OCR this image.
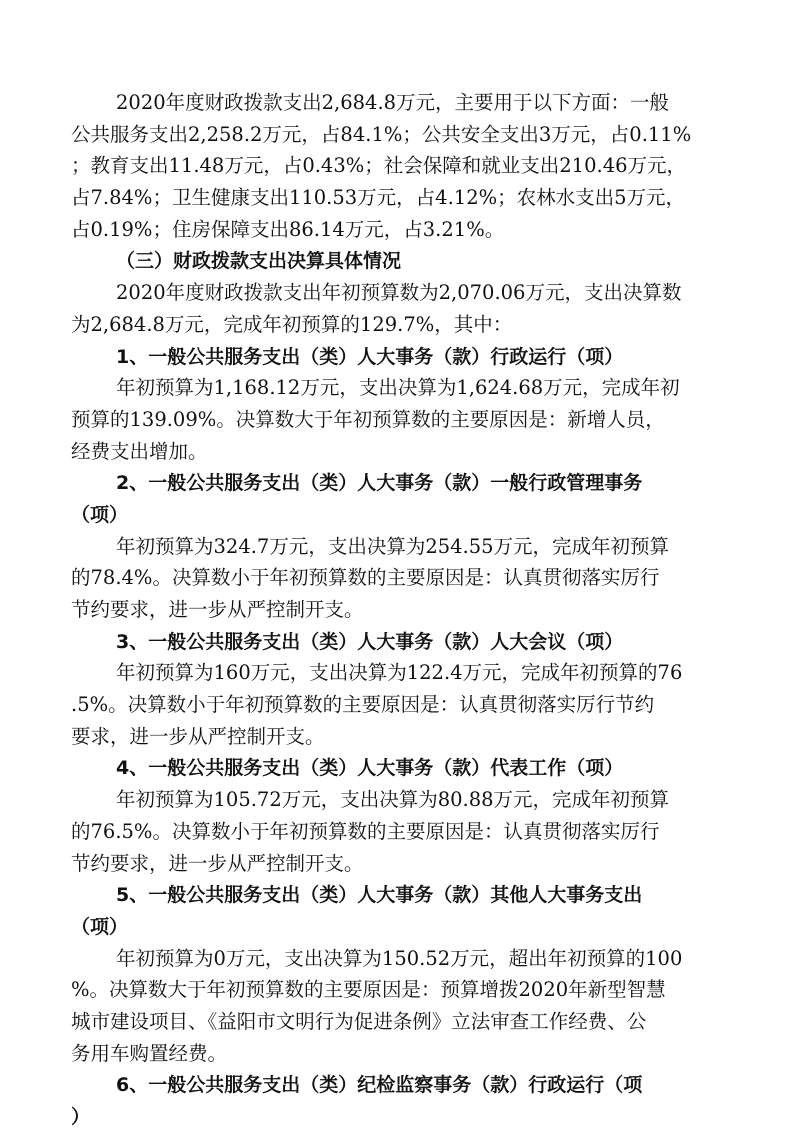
2020年度财政拨款支出2,684.8万元，主要用于以下方面：一般
公共服务支出2,258.2万元，占84.1%；公共安全支出3万元，占0.11%
；教育支出11.48万元，占0.43%；社会保障和就业支出210.46万元，
占7.84%；卫生健康支出110.53万元，占4.12%；农林水支出5万元，
占0.19%；住房保障支出86.14万元，占3.21%。
（三）财政拨款支出决算具体情况
2020年度财政拨款支出年初预算数为2,070.06万元，支出决算数
为2,684.8万元，完成年初预算的129.7%，其中：
1、一般公共服务支出（类）人大事务（款）行政运行（项）
年初预算为1,168.12万元，支出决算为1,624.68万元，完成年初
预算的139.09%。决算数大于年初预算数的主要原因是：新增人员，
经费支出增加。
2、一般公共服务支出（类）人大事务（款）一般行政管理事务
（项）
年初预算为324.7万元，支出决算为254.55万元，完成年初预算
的78.4%。决算数小于年初预算数的主要原因是：认真贯彻落实厉行
节约要求，进一步从严控制开支。
3、一般公共服务支出（类）人大事务（款）人大会议（项）
年初预算为160万元，支出决算为122.4万元，完成年初预算的76
.5%。决算数小于年初预算数的主要原因是：认真贯彻落实厉行节约
要求，进一步从严控制开支。
4、一般公共服务支出（类）人大事务（款）代表工作（项）
年初预算为105.72万元，支出决算为80.88万元，完成年初预算
的76.5%。决算数小于年初预算数的主要原因是：认真贯彻落实厉行
节约要求，进一步从严控制开支。
5、一般公共服务支出（类）人大事务（款）其他人大事务支出
（项）
年初预算为0万元，支出决算为150.52万元，超出年初预算的100
%。决算数大于年初预算数的主要原因是：预算增拨2020年新型智慧
城市建设项目、《益阳市文明行为促进条例》立法审查工作经费、公
务用车购置经费。
6、一般公共服务支出（类）纪检监察事务（款）行政运行（项
）
